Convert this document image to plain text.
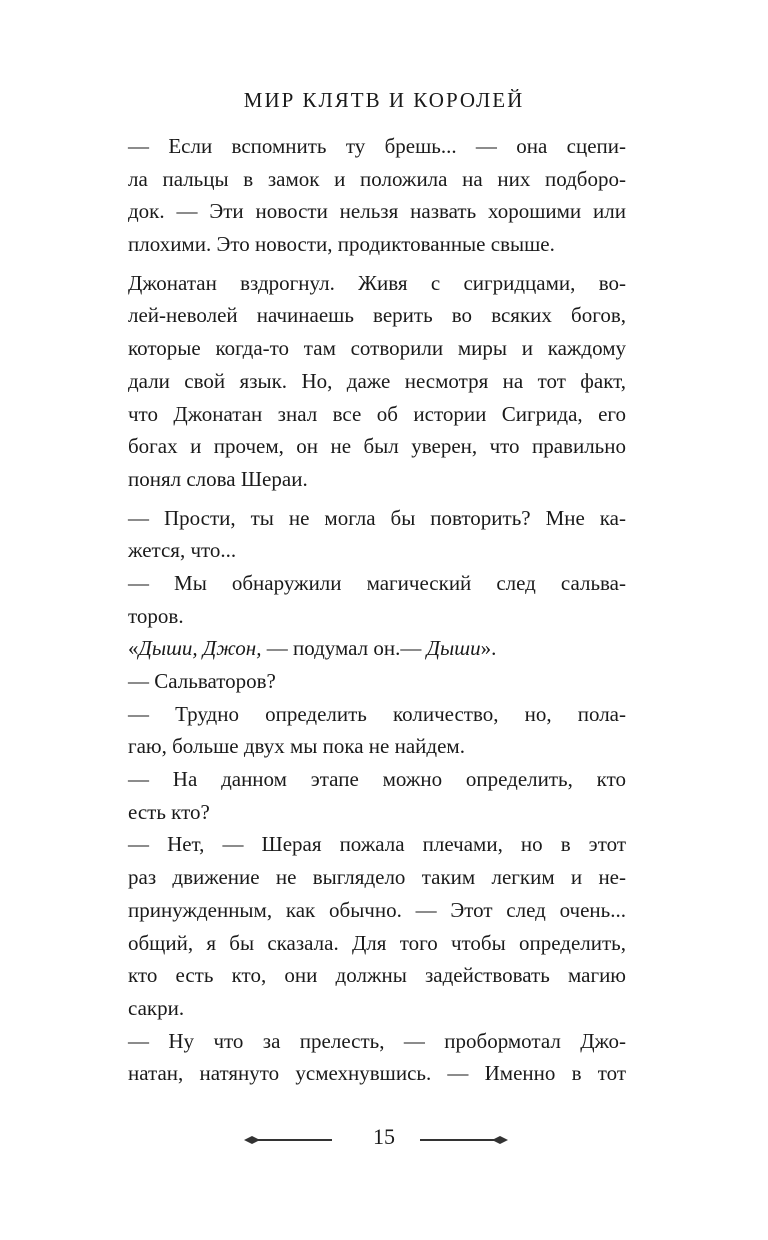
МИР КЛЯТВ И КОРОЛЕЙ
— Если вспомнить ту брешь... — она сцепи-
ла пальцы в замок и положила на них подборо-
док. — Эти новости нельзя назвать хорошими или
плохими. Это новости, продиктованные свыше.
Джонатан вздрогнул. Живя с сигридцами, во-
лей-неволей начинаешь верить во всяких богов,
которые когда-то там сотворили миры и каждому
дали свой язык. Но, даже несмотря на тот факт,
что Джонатан знал все об истории Сигрида, его
богах и прочем, он не был уверен, что правильно
понял слова Шераи.
— Прости, ты не могла бы повторить? Мне ка-
жется, что...
— Мы обнаружили магический след сальва-
торов.
«Дыши, Джон, — подумал он.— Дыши».
— Сальваторов?
— Трудно определить количество, но, пола-
гаю, больше двух мы пока не найдем.
— На данном этапе можно определить, кто
есть кто?
— Нет, — Шерая пожала плечами, но в этот
раз движение не выглядело таким легким и не-
принужденным, как обычно. — Этот след очень...
общий, я бы сказала. Для того чтобы определить,
кто есть кто, они должны задействовать магию
сакри.
— Ну что за прелесть, — пробормотал Джо-
натан, натянуто усмехнувшись. — Именно в тот
15
